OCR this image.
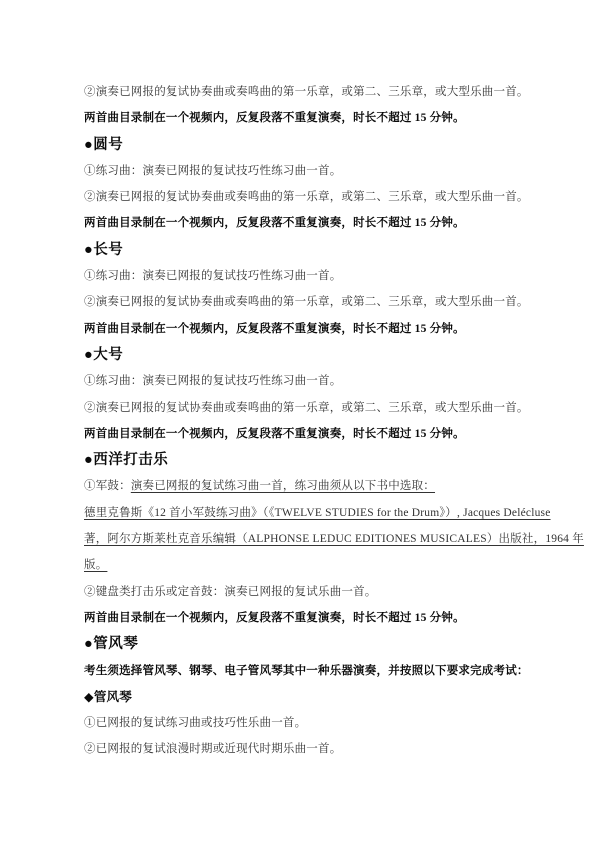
②演奏已网报的复试协奏曲或奏鸣曲的第一乐章，或第二、三乐章，或大型乐曲一首。

两首曲目录制在一个视频内，反复段落不重复演奏，时长不超过 15 分钟。

●圆号

①练习曲：演奏已网报的复试技巧性练习曲一首。

②演奏已网报的复试协奏曲或奏鸣曲的第一乐章，或第二、三乐章，或大型乐曲一首。

两首曲目录制在一个视频内，反复段落不重复演奏，时长不超过 15 分钟。

●长号

①练习曲：演奏已网报的复试技巧性练习曲一首。

②演奏已网报的复试协奏曲或奏鸣曲的第一乐章，或第二、三乐章，或大型乐曲一首。

两首曲目录制在一个视频内，反复段落不重复演奏，时长不超过 15 分钟。

●大号

①练习曲：演奏已网报的复试技巧性练习曲一首。

②演奏已网报的复试协奏曲或奏鸣曲的第一乐章，或第二、三乐章，或大型乐曲一首。

两首曲目录制在一个视频内，反复段落不重复演奏，时长不超过 15 分钟。

●西洋打击乐

①军鼓：演奏已网报的复试练习曲一首，练习曲须从以下书中选取：

德里克鲁斯《12 首小军鼓练习曲》（《TWELVE STUDIES for the Drum》）, Jacques Delécluse
著，阿尔方斯莱杜克音乐编辑（ALPHONSE LEDUC EDITIONES MUSICALES）出版社，1964 年
版。

②键盘类打击乐或定音鼓：演奏已网报的复试乐曲一首。

两首曲目录制在一个视频内，反复段落不重复演奏，时长不超过 15 分钟。

●管风琴

考生须选择管风琴、钢琴、电子管风琴其中一种乐器演奏，并按照以下要求完成考试：

◆管风琴

①已网报的复试练习曲或技巧性乐曲一首。

②已网报的复试浪漫时期或近现代时期乐曲一首。
